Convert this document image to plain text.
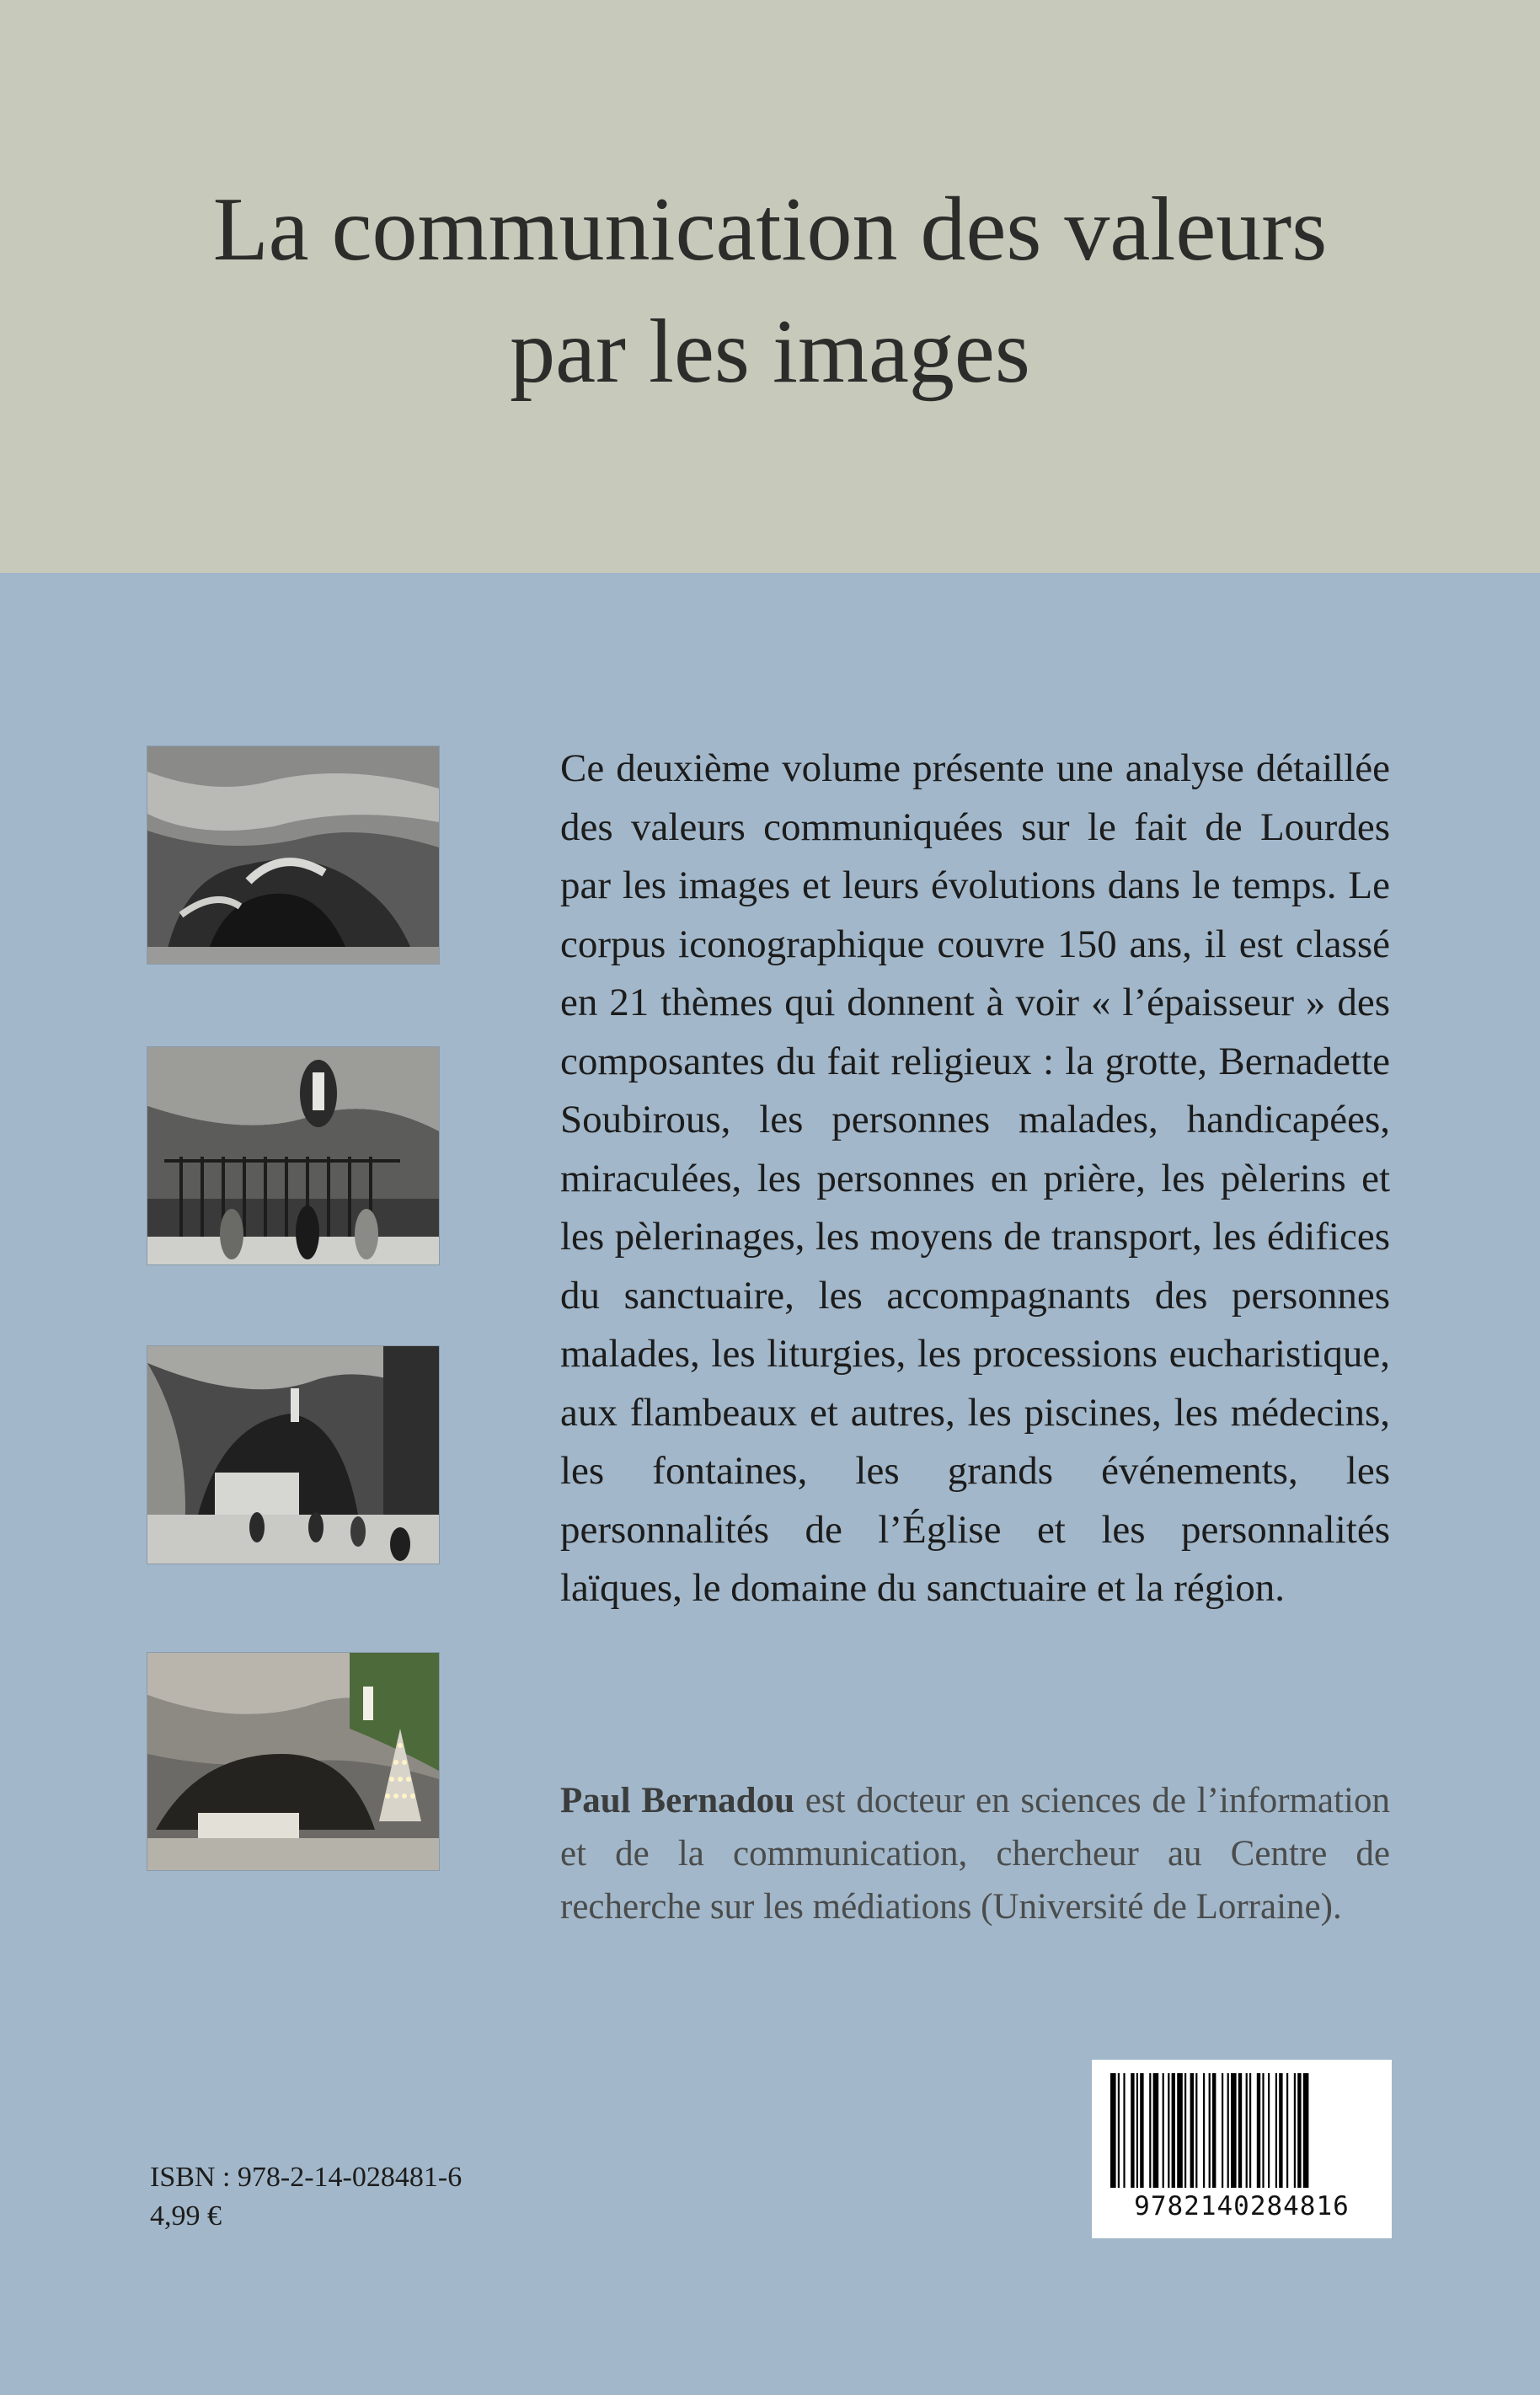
La communication des valeurs
par les images

Ce deuxième volume présente une analyse détaillée des valeurs communiquées sur le fait de Lourdes par les images et leurs évolutions dans le temps. Le corpus iconographique couvre 150 ans, il est classé en 21 thèmes qui donnent à voir « l’épaisseur » des composantes du fait religieux : la grotte, Bernadette Soubirous, les personnes malades, handicapées, miraculées, les personnes en prière, les pèlerins et les pèlerinages, les moyens de transport, les édifices du sanctuaire, les accompagnants des personnes malades, les liturgies, les processions eucharistique, aux flambeaux et autres, les piscines, les médecins, les fontaines, les grands événements, les personnalités de l’Église et les personnalités laïques, le domaine du sanctuaire et la région.

Paul Bernadou est docteur en sciences de l’information et de la communication, chercheur au Centre de recherche sur les médiations (Université de Lorraine).

ISBN : 978-2-14-028481-6
4,99 €	9782140284816
